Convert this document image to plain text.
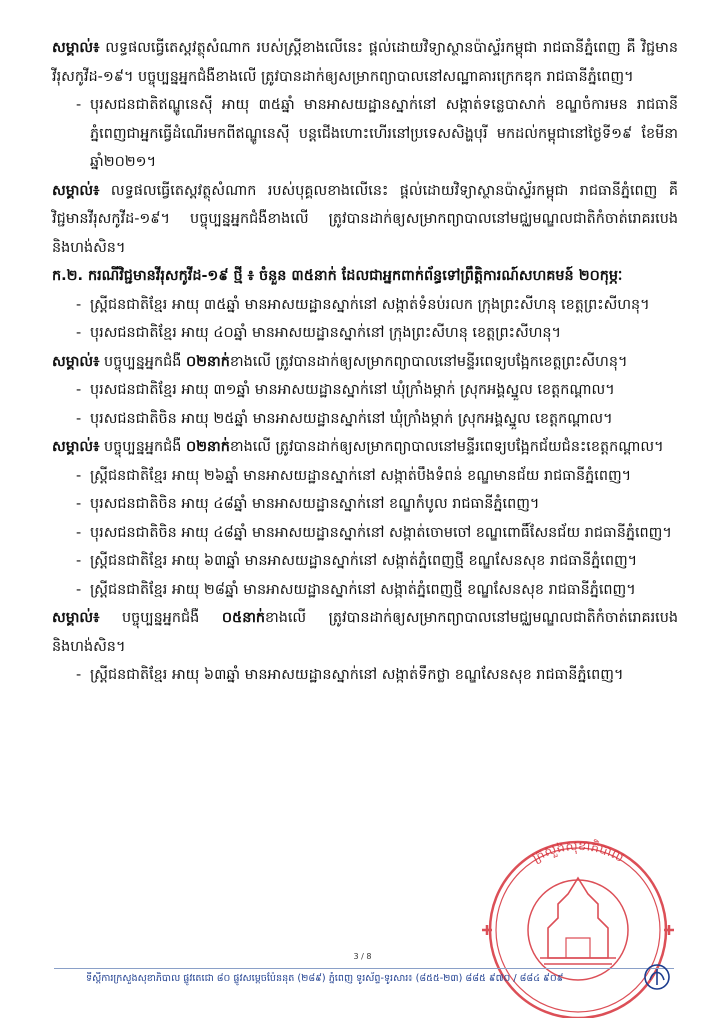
សម្គាល់៖ លទ្ធផលធ្វើតេស្តវត្ថុសំណាក របស់ស្ត្រីខាងលើនេះ ផ្តល់ដោយវិទ្យាស្ថានប៉ាស្ទ័រកម្ពុជា រាជធានីភ្នំពេញ គឺ វិជ្ជមានវីរុសកូវីដ-១៩។ បច្ចុប្បន្នអ្នកជំងឺខាងលើ ត្រូវបានដាក់ឲ្យសម្រាកព្យាបាលនៅសណ្ឋាគារក្រេកឌុក រាជធានីភ្នំពេញ។

- បុរសជនជាតិឥណ្ឌូនេស៊ី អាយុ ៣៥ឆ្នាំ មានអាសយដ្ឋានស្នាក់នៅ សង្កាត់ទន្លេបាសាក់ ខណ្ឌចំការមន រាជធានីភ្នំពេញជាអ្នកធ្វើដំណើរមកពីឥណ្ឌូនេស៊ី បន្តជើងហោះហើរនៅប្រទេសសិង្ហបុរី មកដល់កម្ពុជានៅថ្ងៃទី១៩ ខែមីនា ឆ្នាំ២០២១។

សម្គាល់៖ លទ្ធផលធ្វើតេស្តវត្ថុសំណាក របស់បុគ្គលខាងលើនេះ ផ្តល់ដោយវិទ្យាស្ថានប៉ាស្ទ័រកម្ពុជា រាជធានីភ្នំពេញ គឺ វិជ្ជមានវីរុសកូវីដ-១៩។ បច្ចុប្បន្នអ្នកជំងឺខាងលើ ត្រូវបានដាក់ឲ្យសម្រាកព្យាបាលនៅមជ្ឈមណ្ឌលជាតិកំចាត់រោគរបេង និងហង់សិន។

ក.២. ករណីវិជ្ជមានវីរុសកូវីដ-១៩ ថ្មី ៖ ចំនួន ៣៥នាក់ ដែលជាអ្នកពាក់ព័ន្ធទៅព្រឹត្តិការណ៍សហគមន៍ ២០កុម្ភៈ

- ស្ត្រីជនជាតិខ្មែរ អាយុ ៣៥ឆ្នាំ មានអាសយដ្ឋានស្នាក់នៅ សង្កាត់ទំនប់រលក ក្រុងព្រះសីហនុ ខេត្តព្រះសីហនុ។
- បុរសជនជាតិខ្មែរ អាយុ ៤០ឆ្នាំ មានអាសយដ្ឋានស្នាក់នៅ ក្រុងព្រះសីហនុ ខេត្តព្រះសីហនុ។

សម្គាល់៖ បច្ចុប្បន្នអ្នកជំងឺ ០២នាក់ខាងលើ ត្រូវបានដាក់ឲ្យសម្រាកព្យាបាលនៅមន្ទីរពេទ្យបង្អែកខេត្តព្រះសីហនុ។

- បុរសជនជាតិខ្មែរ អាយុ ៣១ឆ្នាំ មានអាសយដ្ឋានស្នាក់នៅ ឃុំក្រាំងម្កាក់ ស្រុកអង្គស្នួល ខេត្តកណ្តាល។
- បុរសជនជាតិចិន អាយុ ២៥ឆ្នាំ មានអាសយដ្ឋានស្នាក់នៅ ឃុំក្រាំងម្កាក់ ស្រុកអង្គស្នួល ខេត្តកណ្តាល។

សម្គាល់៖ បច្ចុប្បន្នអ្នកជំងឺ ០២នាក់ខាងលើ ត្រូវបានដាក់ឲ្យសម្រាកព្យាបាលនៅមន្ទីរពេទ្យបង្អែកជ័យជំនះខេត្តកណ្តាល។

- ស្ត្រីជនជាតិខ្មែរ អាយុ ២៦ឆ្នាំ មានអាសយដ្ឋានស្នាក់នៅ សង្កាត់បឹងទំពន់ ខណ្ឌមានជ័យ រាជធានីភ្នំពេញ។
- បុរសជនជាតិចិន អាយុ ៤៨ឆ្នាំ មានអាសយដ្ឋានស្នាក់នៅ ខណ្ឌកំបូល រាជធានីភ្នំពេញ។
- បុរសជនជាតិចិន អាយុ ៤៨ឆ្នាំ មានអាសយដ្ឋានស្នាក់នៅ សង្កាត់ចោមចៅ ខណ្ឌពោធិ៍សែនជ័យ រាជធានីភ្នំពេញ។
- ស្ត្រីជនជាតិខ្មែរ អាយុ ៦៣ឆ្នាំ មានអាសយដ្ឋានស្នាក់នៅ សង្កាត់ភ្នំពេញថ្មី ខណ្ឌសែនសុខ រាជធានីភ្នំពេញ។
- ស្ត្រីជនជាតិខ្មែរ អាយុ ២៨ឆ្នាំ មានអាសយដ្ឋានស្នាក់នៅ សង្កាត់ភ្នំពេញថ្មី ខណ្ឌសែនសុខ រាជធានីភ្នំពេញ។

សម្គាល់៖ បច្ចុប្បន្នអ្នកជំងឺ ០៥នាក់ខាងលើ ត្រូវបានដាក់ឲ្យសម្រាកព្យាបាលនៅមជ្ឈមណ្ឌលជាតិកំចាត់រោគរបេង និងហង់សិន។

- ស្ត្រីជនជាតិខ្មែរ អាយុ ៦៣ឆ្នាំ មានអាសយដ្ឋានស្នាក់នៅ សង្កាត់ទឹកថ្លា ខណ្ឌសែនសុខ រាជធានីភ្នំពេញ។
ក្រសួងសុខាភិបាល
3 / 8
ទីស្តីការក្រសួងសុខាភិបាល ផ្លូវតេជោ ៨០ ផ្លូវសម្តេចប៉ែននុត (២៨៩) ភ្នំពេញ ទូរស័ព្ទ-ទូរសារ៖ (៨៥៥-២៣) ៨៨៥ ៩៧០ / ៨៨៤ ៩០៩
